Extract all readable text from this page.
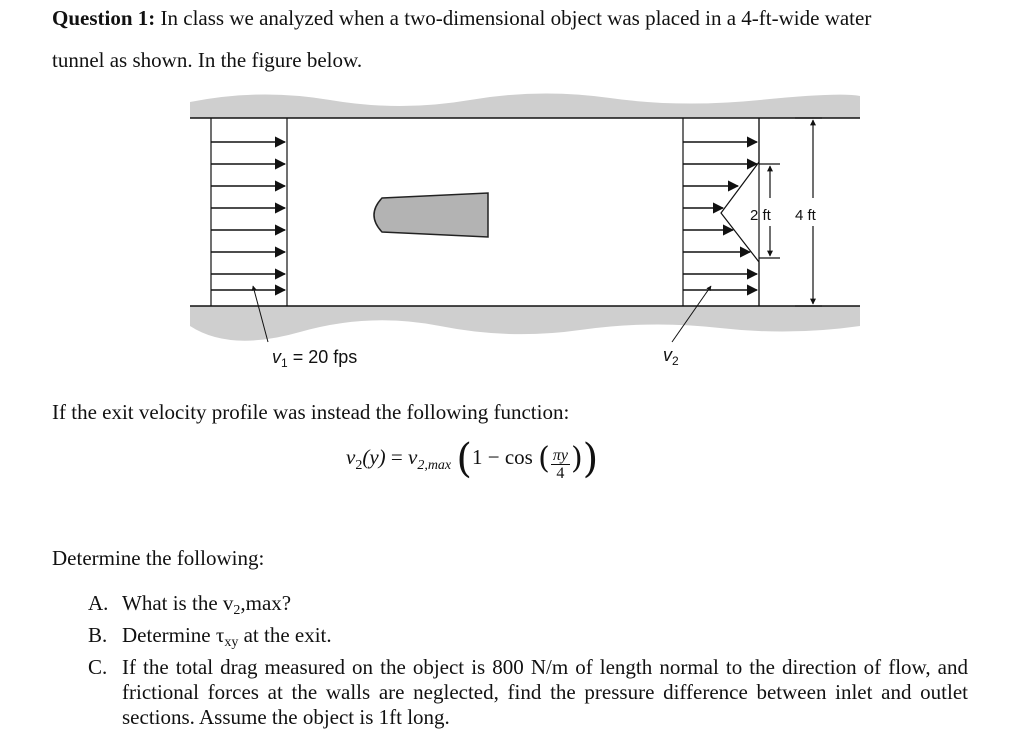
Question 1: In class we analyzed when a two-dimensional object was placed in a 4-ft-wide water

tunnel as shown. In the figure below.

2 ft 4 ft
$v_1 = 20$ fps	$v_2$

If the exit velocity profile was instead the following function:

$v_2(y) = v_{2,max}$ (1 − cos ( $\frac{\pi y}{4}$ ))

Determine the following:

A. What is the v2,max?
B. Determine τxy at the exit.
C. If the total drag measured on the object is 800 N/m of length normal to the direction of flow, and frictional forces at the walls are neglected, find the pressure difference between inlet and outlet sections. Assume the object is 1ft long.
